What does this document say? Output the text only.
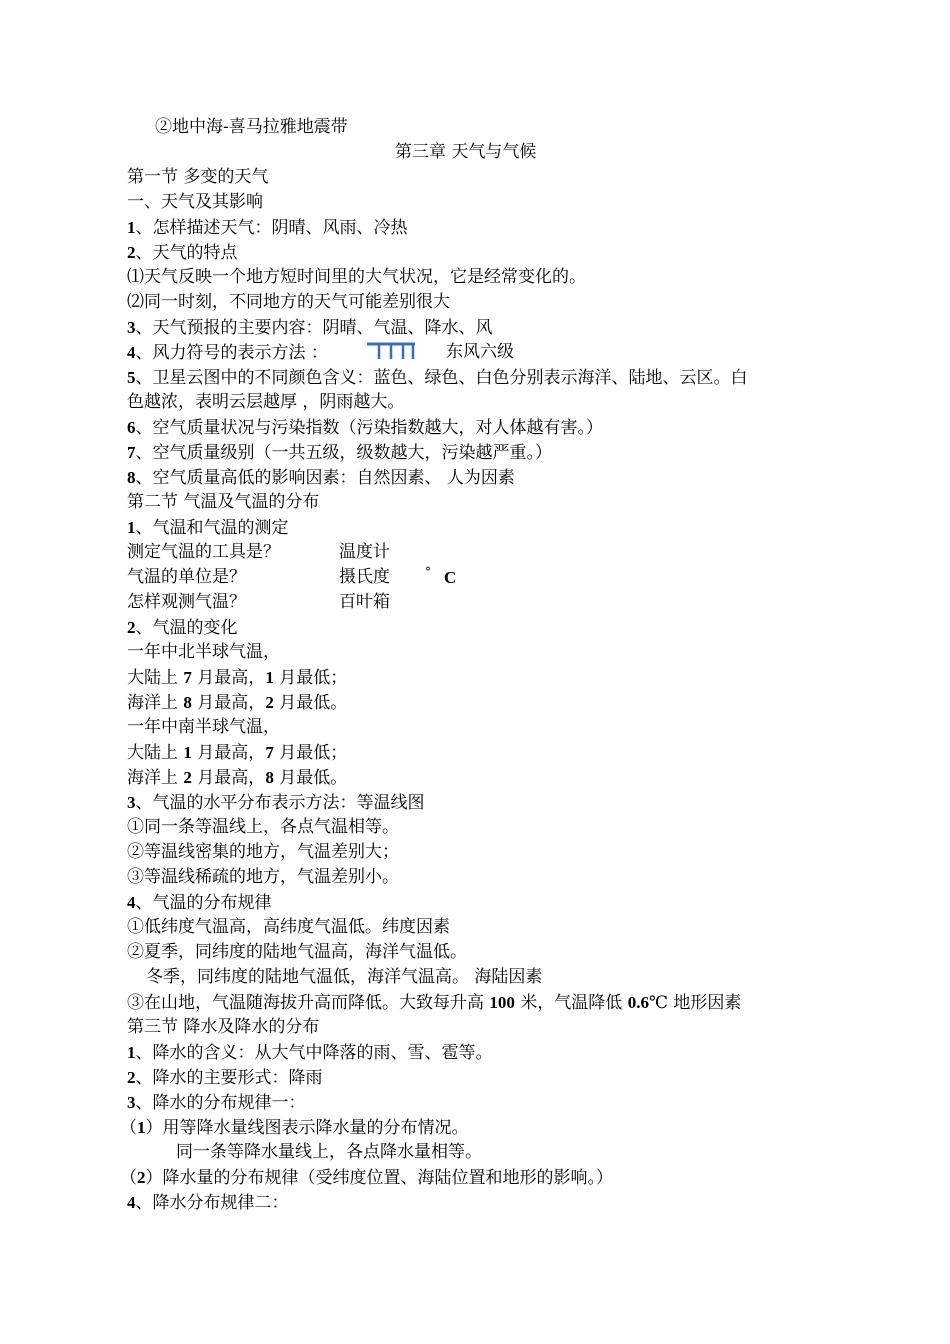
②地中海-喜马拉雅地震带
第三章 天气与气候
第一节 多变的天气
一、天气及其影响
1、怎样描述天气：阴晴、风雨、冷热
2、天气的特点
⑴天气反映一个地方短时间里的大气状况，它是经常变化的。
⑵同一时刻，不同地方的天气可能差别很大
3、天气预报的主要内容：阴晴、气温、降水、风
4、风力符号的表示方法 ：	东风六级
5、卫星云图中的不同颜色含义：蓝色、绿色、白色分别表示海洋、陆地、云区。白
色越浓，表明云层越厚 ，阴雨越大。
6、空气质量状况与污染指数（污染指数越大，对人体越有害。）
7、空气质量级别（一共五级，级数越大，污染越严重。）
8、空气质量高低的影响因素：自然因素、 人为因素
第二节 气温及气温的分布
1、气温和气温的测定
测定气温的工具是？	温度计
气温的单位是？	摄氏度	° C
怎样观测气温？	百叶箱
2、气温的变化
一年中北半球气温，
大陆上 7 月最高，1 月最低；
海洋上 8 月最高，2 月最低。
一年中南半球气温，
大陆上 1 月最高，7 月最低；
海洋上 2 月最高，8 月最低。
3、气温的水平分布表示方法：等温线图
①同一条等温线上，各点气温相等。
②等温线密集的地方，气温差别大；
③等温线稀疏的地方，气温差别小。
4、气温的分布规律
①低纬度气温高，高纬度气温低。纬度因素
②夏季，同纬度的陆地气温高，海洋气温低。
冬季，同纬度的陆地气温低，海洋气温高。 海陆因素
③在山地，气温随海拔升高而降低。大致每升高 100 米，气温降低 0.6℃ 地形因素
第三节 降水及降水的分布
1、降水的含义：从大气中降落的雨、雪、雹等。
2、降水的主要形式：降雨
3、降水的分布规律一：
（1）用等降水量线图表示降水量的分布情况。
同一条等降水量线上，各点降水量相等。
（2）降水量的分布规律（受纬度位置、海陆位置和地形的影响。）
4、降水分布规律二：
